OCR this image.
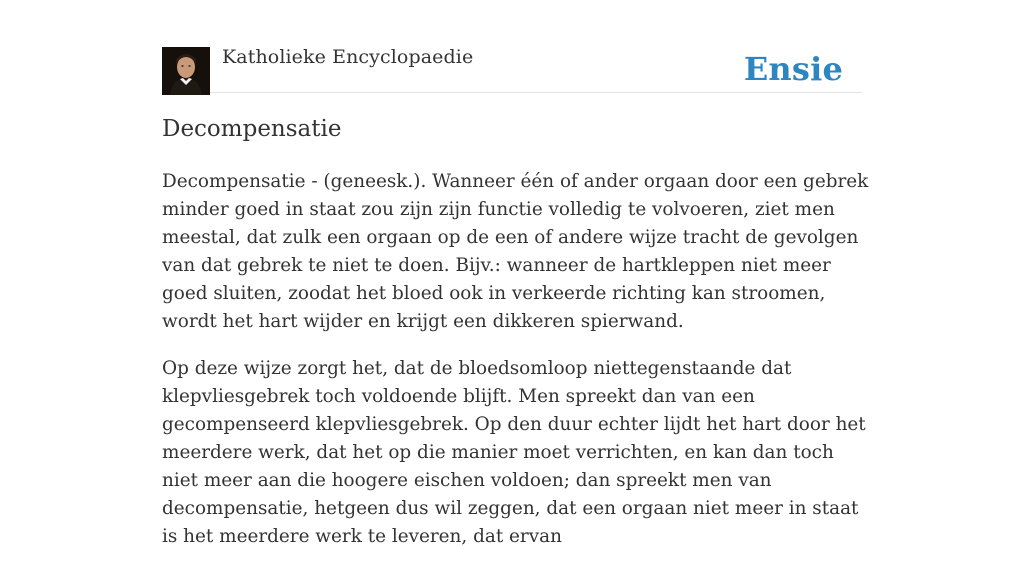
Katholieke Encyclopaedie	Ensie
Decompensatie

Decompensatie - (geneesk.). Wanneer één of ander orgaan door een gebrek minder goed in staat zou zijn zijn functie volledig te volvoeren, ziet men meestal, dat zulk een orgaan op de een of andere wijze tracht de gevolgen van dat gebrek te niet te doen. Bijv.: wanneer de hartkleppen niet meer goed sluiten, zoodat het bloed ook in verkeerde richting kan stroomen, wordt het hart wijder en krijgt een dikkeren spierwand.

Op deze wijze zorgt het, dat de bloedsomloop niettegenstaande dat klepvliesgebrek toch voldoende blijft. Men spreekt dan van een gecompenseerd klepvliesgebrek. Op den duur echter lijdt het hart door het meerdere werk, dat het op die manier moet verrichten, en kan dan toch niet meer aan die hoogere eischen voldoen; dan spreekt men van decompensatie, hetgeen dus wil zeggen, dat een orgaan niet meer in staat is het meerdere werk te leveren, dat ervan
